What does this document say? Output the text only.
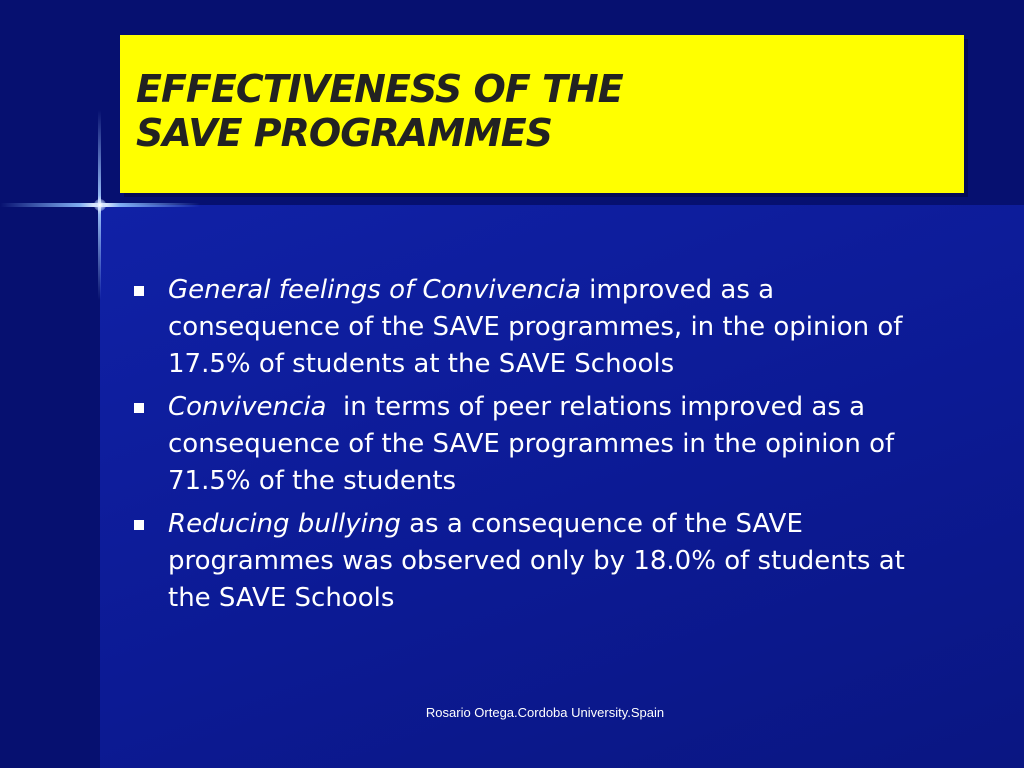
EFFECTIVENESS OF THE
SAVE PROGRAMMES
General feelings of Convivencia improved as a consequence of the SAVE programmes, in the opinion of 17.5% of students at the SAVE Schools
Convivencia  in terms of peer relations improved as a consequence of the SAVE programmes in the opinion of 71.5% of the students
Reducing bullying as a consequence of the SAVE programmes was observed only by 18.0% of students at the SAVE Schools
Rosario Ortega.Cordoba University.Spain
